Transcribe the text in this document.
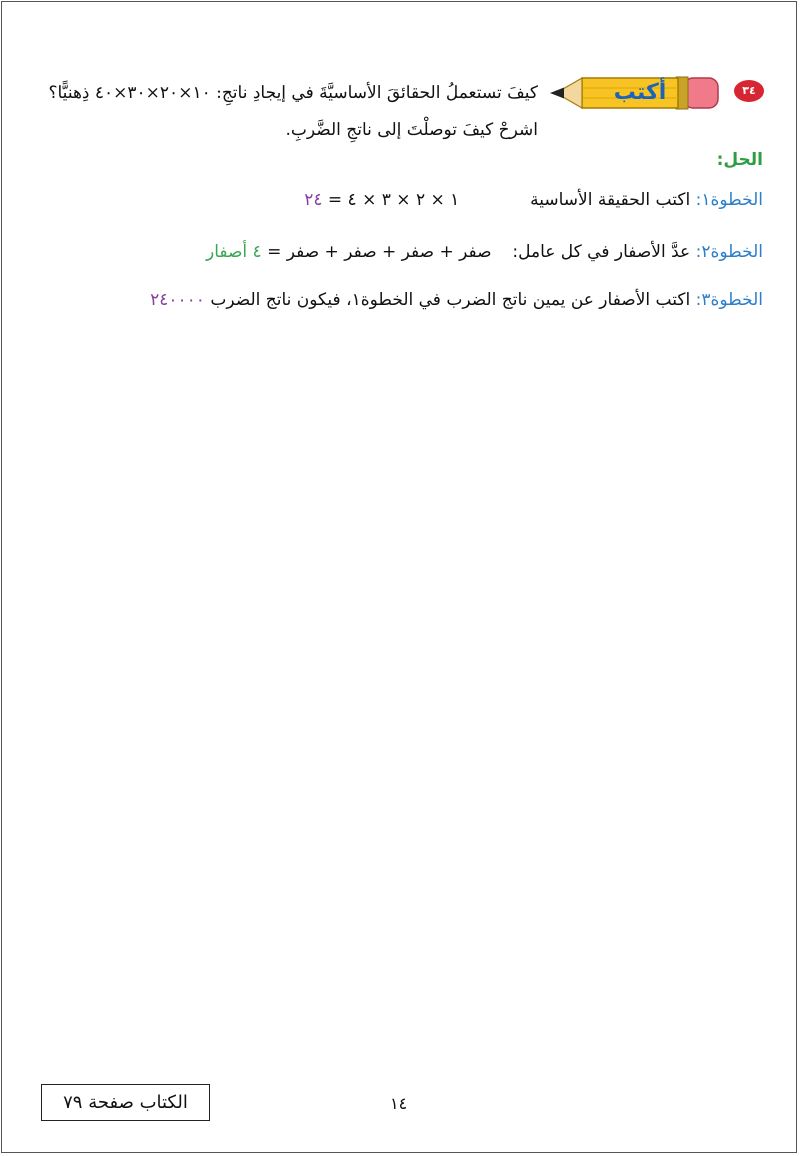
٣٤
أكتب
كيفَ تستعملُ الحقائقَ الأساسيَّةَ في إيجادِ ناتجِ: ١٠×٢٠×٣٠×٤٠ ذِهنيًّا؟
اشرحْ كيفَ توصلْتَ إلى ناتجِ الضَّربِ.
الحل:
الخطوة١: اكتب الحقيقة الأساسية  ١ × ٢ × ٣ × ٤ = ٢٤
الخطوة٢: عدَّ الأصفار في كل عامل:  صفر + صفر + صفر + صفر = ٤ أصفار
الخطوة٣: اكتب الأصفار عن يمين ناتج الضرب في الخطوة١، فيكون ناتج الضرب ٢٤٠٠٠٠
الكتاب صفحة ٧٩	١٤
